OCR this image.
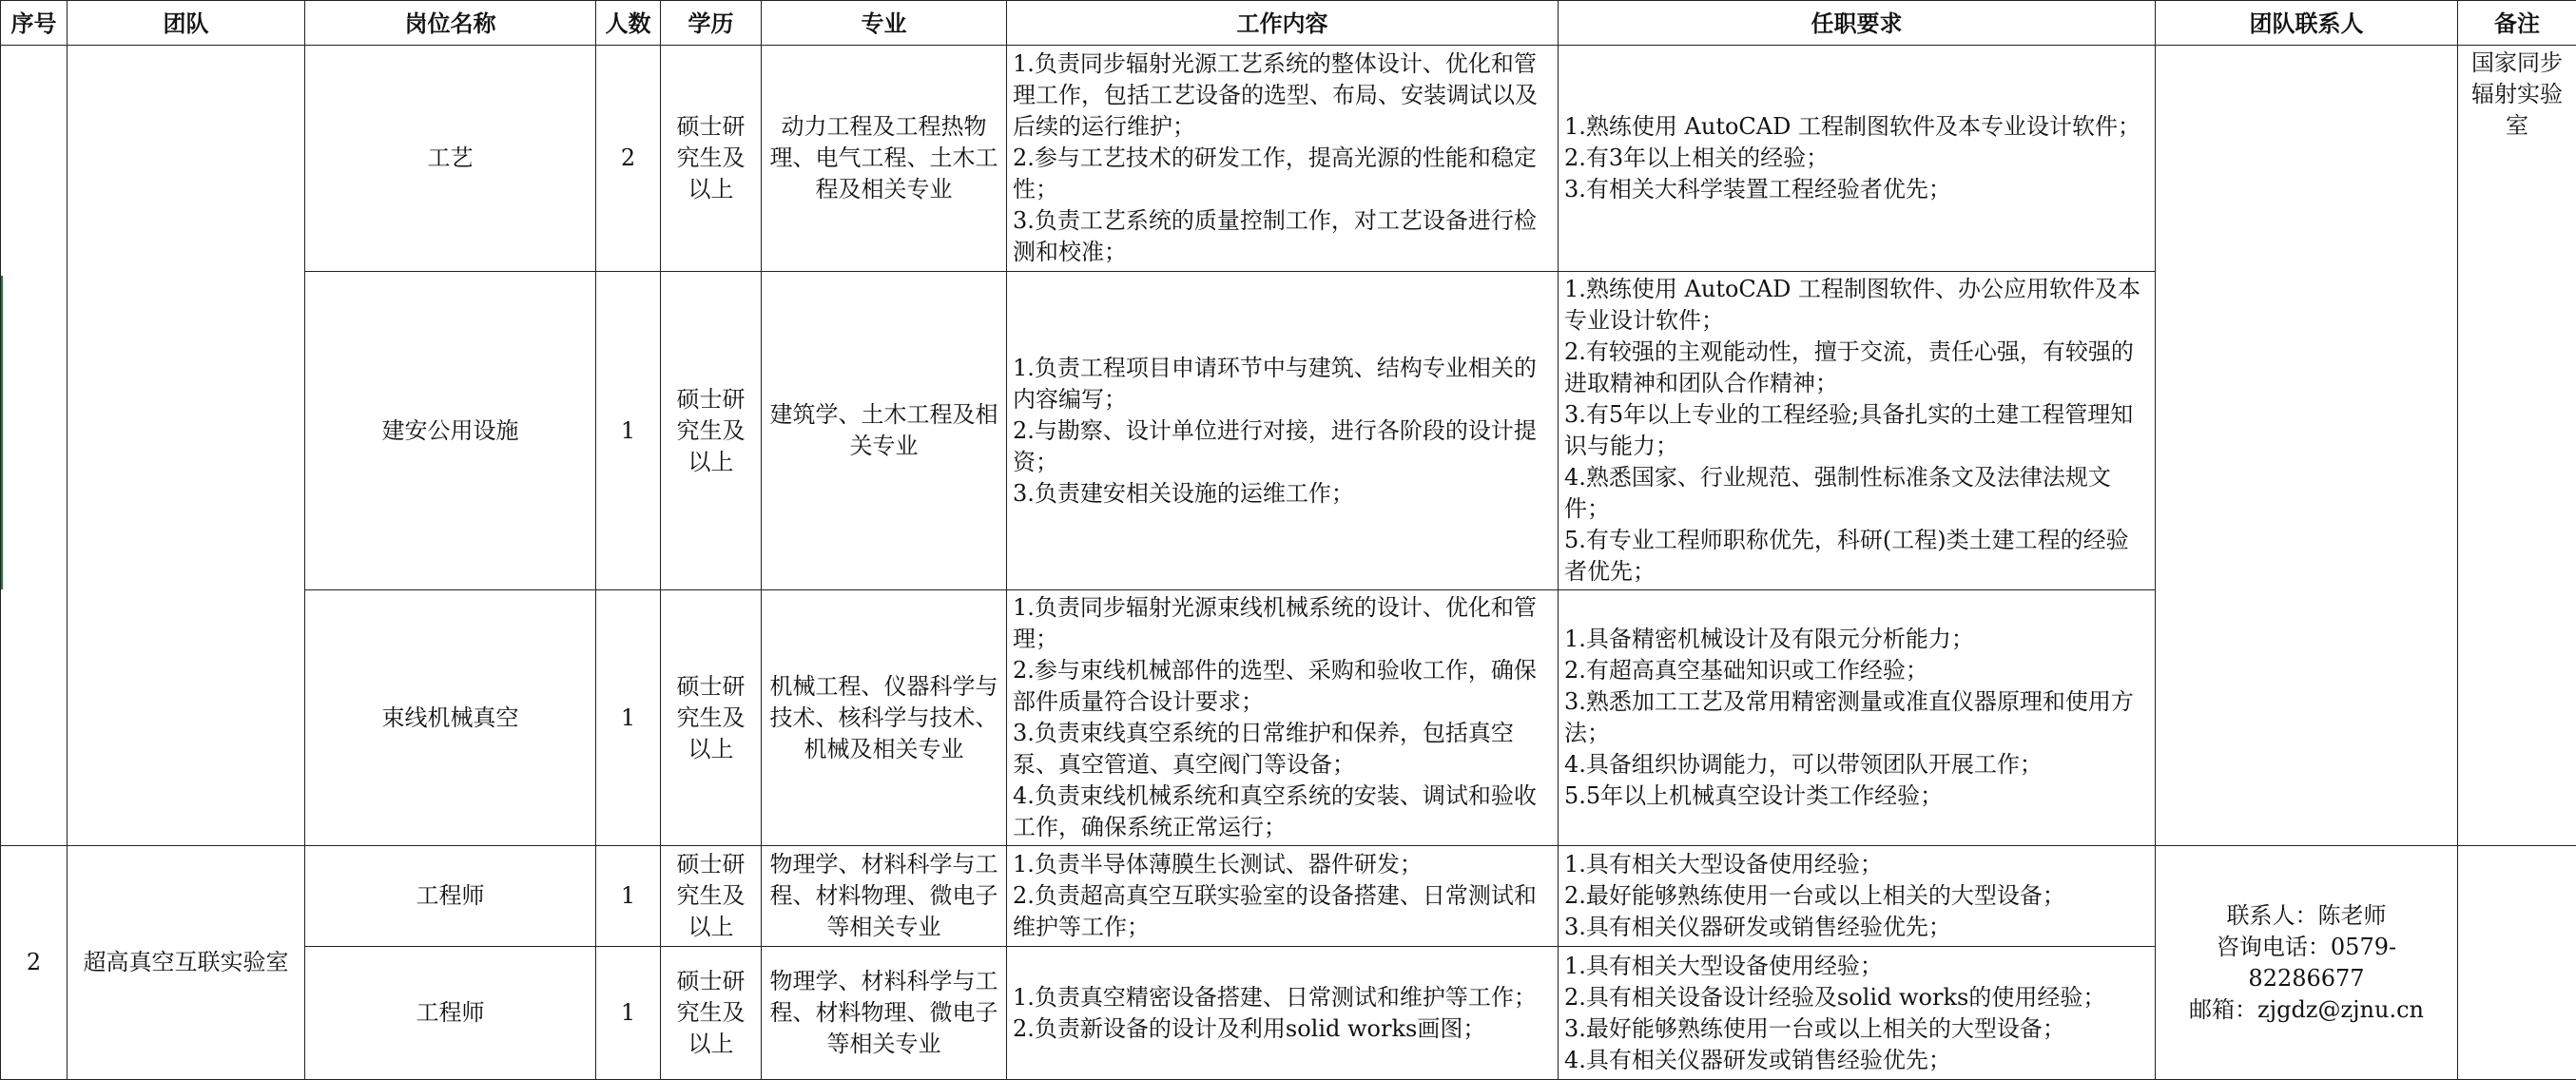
序号	团队	岗位名称	人数	学历	专业	工作内容	任职要求	团队联系人	备注
		工艺	2	硕士研究生及以上	动力工程及工程热物理、电气工程、土木工程及相关专业	1.负责同步辐射光源工艺系统的整体设计、优化和管理工作，包括工艺设备的选型、布局、安装调试以及后续的运行维护；
2.参与工艺技术的研发工作，提高光源的性能和稳定性；
3.负责工艺系统的质量控制工作，对工艺设备进行检测和校准；	1.熟练使用 AutoCAD 工程制图软件及本专业设计软件；
2.有3年以上相关的经验；
3.有相关大科学装置工程经验者优先；		国家同步辐射实验室
		建安公用设施	1	硕士研究生及以上	建筑学、土木工程及相关专业	1.负责工程项目申请环节中与建筑、结构专业相关的内容编写；
2.与勘察、设计单位进行对接，进行各阶段的设计提资；
3.负责建安相关设施的运维工作；	1.熟练使用 AutoCAD 工程制图软件、办公应用软件及本专业设计软件；
2.有较强的主观能动性，擅于交流，责任心强，有较强的进取精神和团队合作精神；
3.有5年以上专业的工程经验;具备扎实的土建工程管理知识与能力；
4.熟悉国家、行业规范、强制性标准条文及法律法规文件；
5.有专业工程师职称优先，科研(工程)类土建工程的经验者优先；		
		束线机械真空	1	硕士研究生及以上	机械工程、仪器科学与技术、核科学与技术、机械及相关专业	1.负责同步辐射光源束线机械系统的设计、优化和管理；
2.参与束线机械部件的选型、采购和验收工作，确保部件质量符合设计要求；
3.负责束线真空系统的日常维护和保养，包括真空泵、真空管道、真空阀门等设备；
4.负责束线机械系统和真空系统的安装、调试和验收工作，确保系统正常运行；	1.具备精密机械设计及有限元分析能力；
2.有超高真空基础知识或工作经验；
3.熟悉加工工艺及常用精密测量或准直仪器原理和使用方法；
4.具备组织协调能力，可以带领团队开展工作；
5.5年以上机械真空设计类工作经验；		
2	超高真空互联实验室	工程师	1	硕士研究生及以上	物理学、材料科学与工程、材料物理、微电子等相关专业	1.负责半导体薄膜生长测试、器件研发；
2.负责超高真空互联实验室的设备搭建、日常测试和维护等工作；	1.具有相关大型设备使用经验；
2.最好能够熟练使用一台或以上相关的大型设备；
3.具有相关仪器研发或销售经验优先；	联系人：陈老师
咨询电话：0579-82286677
邮箱：zjgdz@zjnu.cn	
		工程师	1	硕士研究生及以上	物理学、材料科学与工程、材料物理、微电子等相关专业	1.负责真空精密设备搭建、日常测试和维护等工作；
2.负责新设备的设计及利用solid works画图；	1.具有相关大型设备使用经验；
2.具有相关设备设计经验及solid works的使用经验；
3.最好能够熟练使用一台或以上相关的大型设备；
4.具有相关仪器研发或销售经验优先；		
